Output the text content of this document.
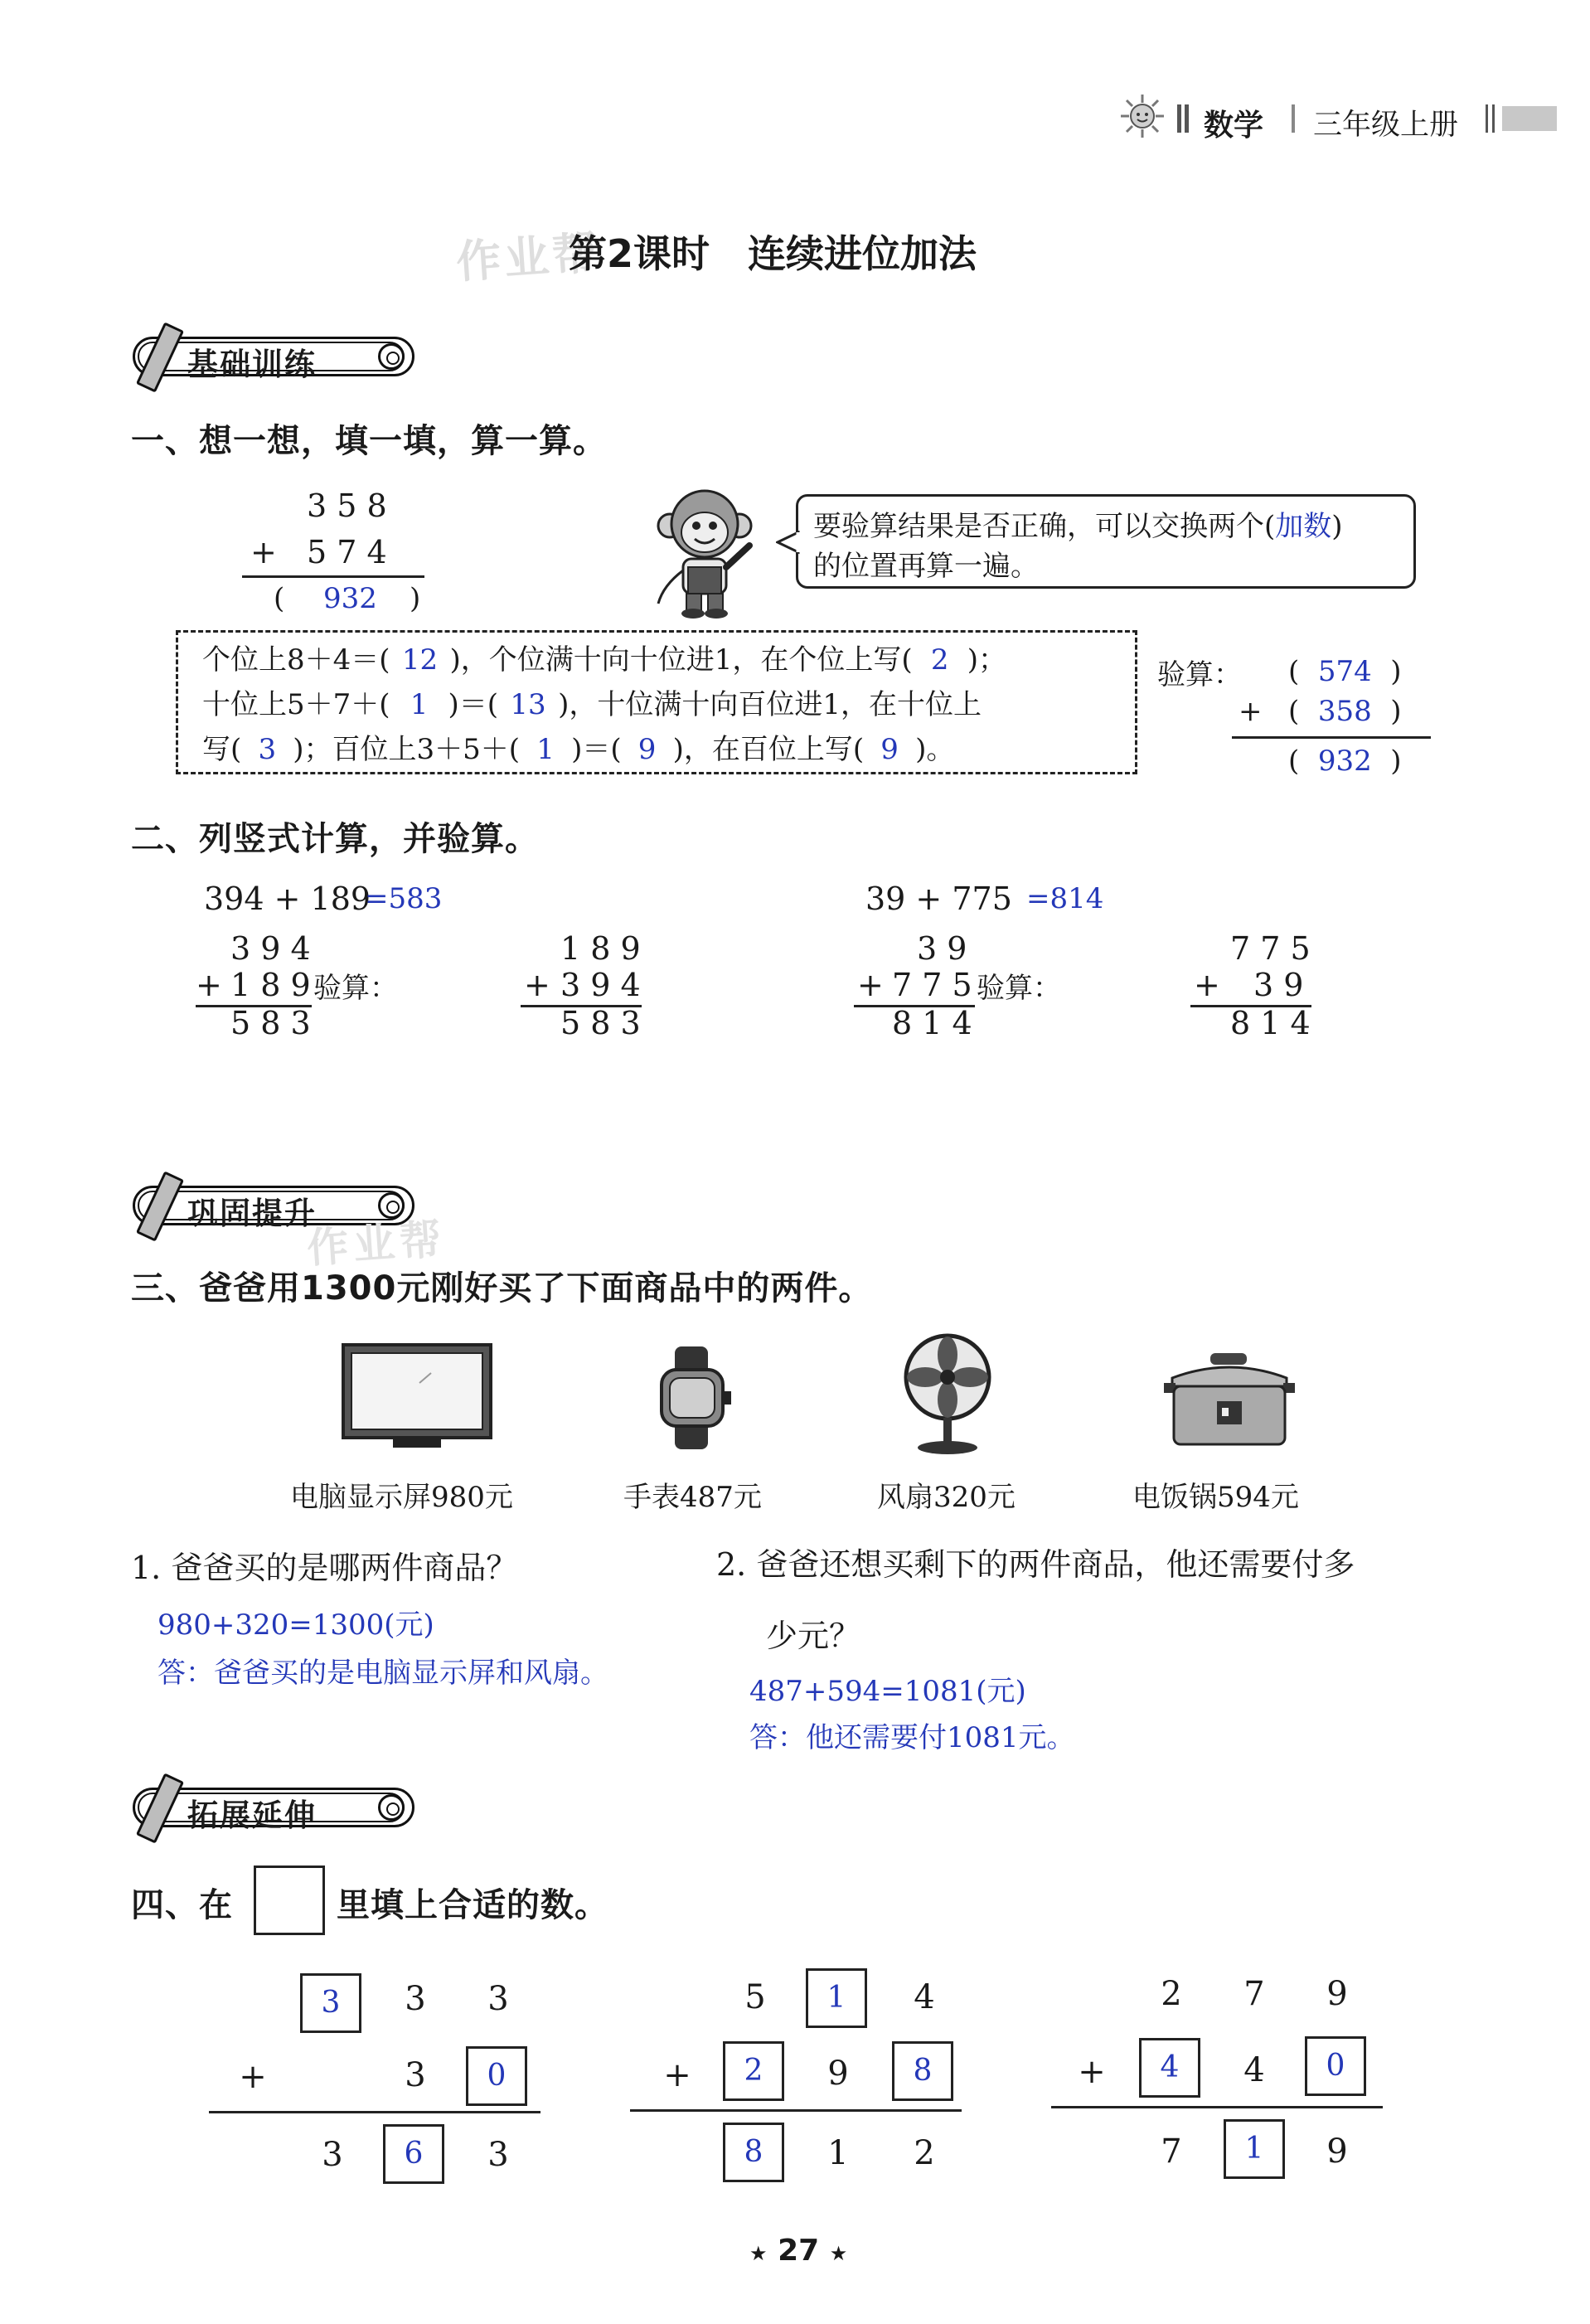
数学 三年级上册
作业帮
第2课时　连续进位加法
基础训练
一、想一想，填一填，算一算。
3 5 8
+ 5 7 4
( 932 )
要验算结果是否正确，可以交换两个(加数)
的位置再算一遍。
个位上8＋4＝( 12 )，个位满十向十位进1，在个位上写( 2 )；
十位上5＋7＋( 1 )＝( 13 )，十位满十向百位进1，在十位上
写( 3 )；百位上3＋5＋( 1 )＝( 9 )，在百位上写( 9 )。
验算： ( 574 )
+ ( 358 )
( 932 )
二、列竖式计算，并验算。
394 + 189
=583
3 9 4
+ 1 8 9 验算：
5 8 3
1 8 9
+ 3 9 4
5 8 3
39 + 775 =814
3 9
+ 7 7 5 验算：
8 1 4
7 7 5
+ 3 9
8 1 4
巩固提升
作业帮
三、爸爸用1300元刚好买了下面商品中的两件。
电脑显示屏980元	手表487元	风扇320元	电饭锅594元
1. 爸爸买的是哪两件商品？
980+320=1300(元)
答：爸爸买的是电脑显示屏和风扇。
2. 爸爸还想买剩下的两件商品，他还需要付多
少元？
487+594=1081(元)
答：他还需要付1081元。
拓展延伸
四、在	里填上合适的数。
3	3	3
+	3	0
3	6	3
5	1	4
+	2	9	8
8	1	2
2	7	9
+	4	4	0
7	1	9
★ 27 ★
